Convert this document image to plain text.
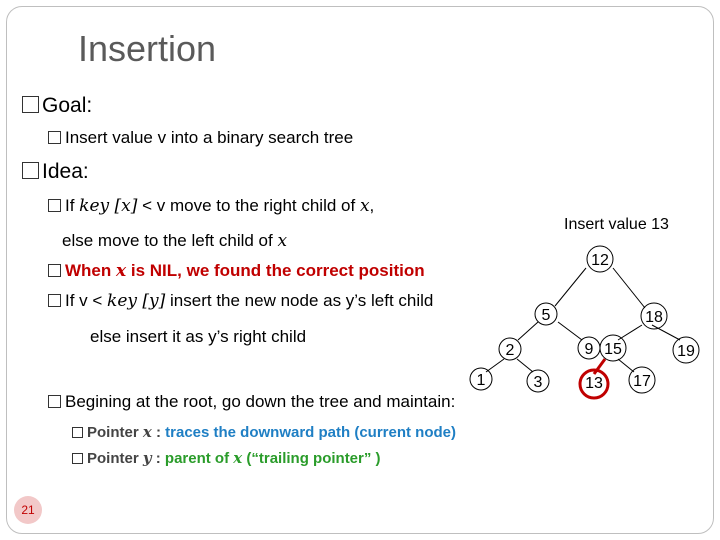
Insertion
Goal:
Insert value v into a binary search tree
Idea:
If key [x] < v move to the right child of x,
else move to the left child of x
When x is NIL, we found the correct position
If v < key [y] insert the new node as y’s left child
else insert it as y’s right child
Begining at the root, go down the tree and maintain:
Pointer x : traces the downward path (current node)
Pointer y : parent of x (“trailing pointer” )
Insert value 13
12
5	18
2	9 15	19
1	3	13 17
21
